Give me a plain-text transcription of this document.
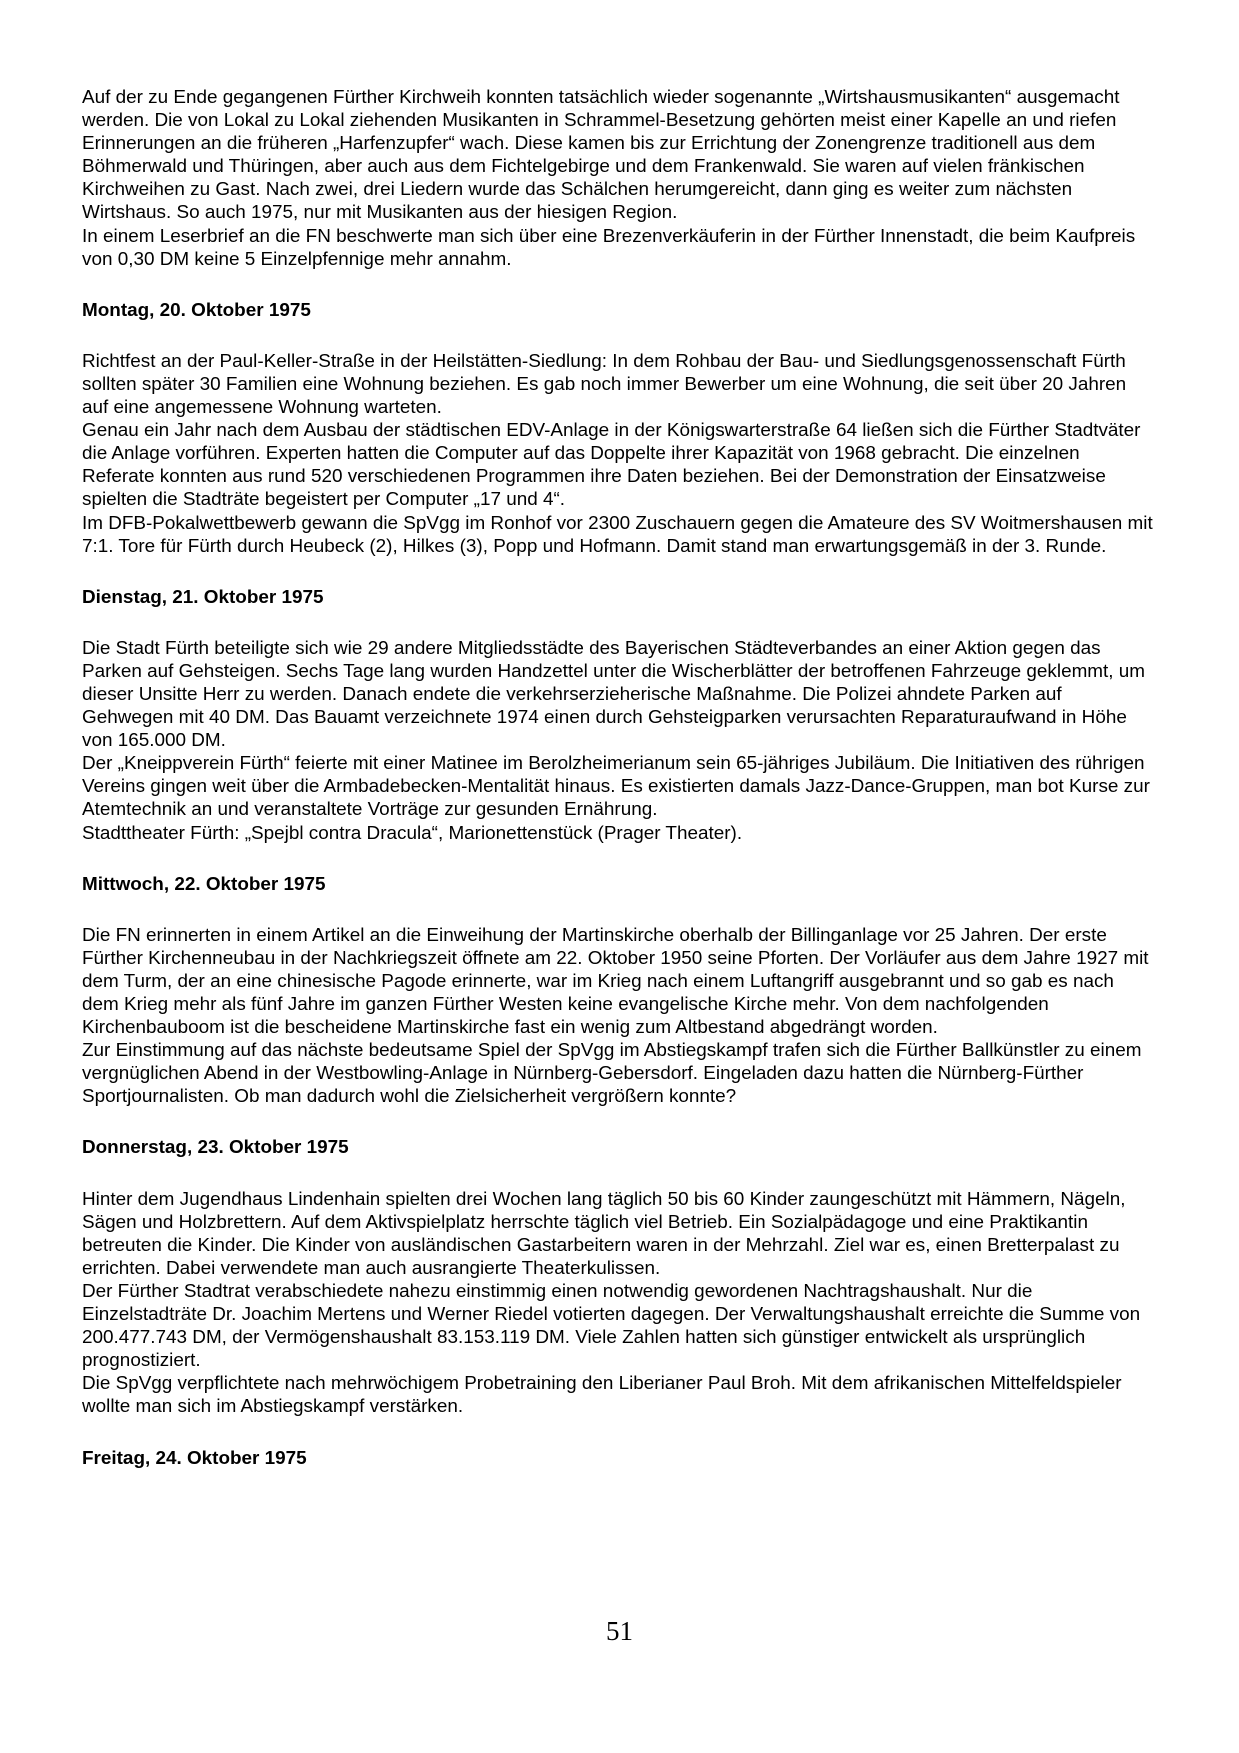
Auf der zu Ende gegangenen Fürther Kirchweih konnten tatsächlich wieder sogenannte „Wirtshausmusikanten“ ausgemacht werden. Die von Lokal zu Lokal ziehenden Musikanten in Schrammel-Besetzung gehörten meist einer Kapelle an und riefen Erinnerungen an die früheren „Harfenzupfer“ wach. Diese kamen bis zur Errichtung der Zonengrenze traditionell aus dem Böhmerwald und Thüringen, aber auch aus dem Fichtelgebirge und dem Frankenwald. Sie waren auf vielen fränkischen Kirchweihen zu Gast. Nach zwei, drei Liedern wurde das Schälchen herumgereicht, dann ging es weiter zum nächsten Wirtshaus. So auch 1975, nur mit Musikanten aus der hiesigen Region.

In einem Leserbrief an die FN beschwerte man sich über eine Brezenverkäuferin in der Fürther Innenstadt, die beim Kaufpreis von 0,30 DM keine 5 Einzelpfennige mehr annahm.

Montag, 20. Oktober 1975

Richtfest an der Paul-Keller-Straße in der Heilstätten-Siedlung: In dem Rohbau der Bau- und Siedlungsgenossenschaft Fürth sollten später 30 Familien eine Wohnung beziehen. Es gab noch immer Bewerber um eine Wohnung, die seit über 20 Jahren auf eine angemessene Wohnung warteten.

Genau ein Jahr nach dem Ausbau der städtischen EDV-Anlage in der Königswarterstraße 64 ließen sich die Fürther Stadtväter die Anlage vorführen. Experten hatten die Computer auf das Doppelte ihrer Kapazität von 1968 gebracht. Die einzelnen Referate konnten aus rund 520 verschiedenen Programmen ihre Daten beziehen. Bei der Demonstration der Einsatzweise spielten die Stadträte begeistert per Computer „17 und 4“.

Im DFB-Pokalwettbewerb gewann die SpVgg im Ronhof vor 2300 Zuschauern gegen die Amateure des SV Woitmershausen mit 7:1. Tore für Fürth durch Heubeck (2), Hilkes (3), Popp und Hofmann. Damit stand man erwartungsgemäß in der 3. Runde.

Dienstag, 21. Oktober 1975

Die Stadt Fürth beteiligte sich wie 29 andere Mitgliedsstädte des Bayerischen Städteverbandes an einer Aktion gegen das Parken auf Gehsteigen. Sechs Tage lang wurden Handzettel unter die Wischerblätter der betroffenen Fahrzeuge geklemmt, um dieser Unsitte Herr zu werden. Danach endete die verkehrserzieherische Maßnahme. Die Polizei ahndete Parken auf Gehwegen mit 40 DM. Das Bauamt verzeichnete 1974 einen durch Gehsteigparken verursachten Reparaturaufwand in Höhe von 165.000 DM.

Der „Kneippverein Fürth“ feierte mit einer Matinee im Berolzheimerianum sein 65-jähriges Jubiläum. Die Initiativen des rührigen Vereins gingen weit über die Armbadebecken-Mentalität hinaus. Es existierten damals Jazz-Dance-Gruppen, man bot Kurse zur Atemtechnik an und veranstaltete Vorträge zur gesunden Ernährung.

Stadttheater Fürth: „Spejbl contra Dracula“, Marionettenstück (Prager Theater).

Mittwoch, 22. Oktober 1975

Die FN erinnerten in einem Artikel an die Einweihung der Martinskirche oberhalb der Billinganlage vor 25 Jahren. Der erste Fürther Kirchenneubau in der Nachkriegszeit öffnete am 22. Oktober 1950 seine Pforten. Der Vorläufer aus dem Jahre 1927 mit dem Turm, der an eine chinesische Pagode erinnerte, war im Krieg nach einem Luftangriff ausgebrannt und so gab es nach dem Krieg mehr als fünf Jahre im ganzen Fürther Westen keine evangelische Kirche mehr. Von dem nachfolgenden Kirchenbauboom ist die bescheidene Martinskirche fast ein wenig zum Altbestand abgedrängt worden.

Zur Einstimmung auf das nächste bedeutsame Spiel der SpVgg im Abstiegskampf trafen sich die Fürther Ballkünstler zu einem vergnüglichen Abend in der Westbowling-Anlage in Nürnberg-Gebersdorf. Eingeladen dazu hatten die Nürnberg-Fürther Sportjournalisten. Ob man dadurch wohl die Zielsicherheit vergrößern konnte?

Donnerstag, 23. Oktober 1975

Hinter dem Jugendhaus Lindenhain spielten drei Wochen lang täglich 50 bis 60 Kinder zaungeschützt mit Hämmern, Nägeln, Sägen und Holzbrettern. Auf dem Aktivspielplatz herrschte täglich viel Betrieb. Ein Sozialpädagoge und eine Praktikantin betreuten die Kinder. Die Kinder von ausländischen Gastarbeitern waren in der Mehrzahl. Ziel war es, einen Bretterpalast zu errichten. Dabei verwendete man auch ausrangierte Theaterkulissen.

Der Fürther Stadtrat verabschiedete nahezu einstimmig einen notwendig gewordenen Nachtragshaushalt. Nur die Einzelstadträte Dr. Joachim Mertens und Werner Riedel votierten dagegen. Der Verwaltungshaushalt erreichte die Summe von 200.477.743 DM, der Vermögenshaushalt 83.153.119 DM. Viele Zahlen hatten sich günstiger entwickelt als ursprünglich prognostiziert.

Die SpVgg verpflichtete nach mehrwöchigem Probetraining den Liberianer Paul Broh. Mit dem afrikanischen Mittelfeldspieler wollte man sich im Abstiegskampf verstärken.

Freitag, 24. Oktober 1975
51
